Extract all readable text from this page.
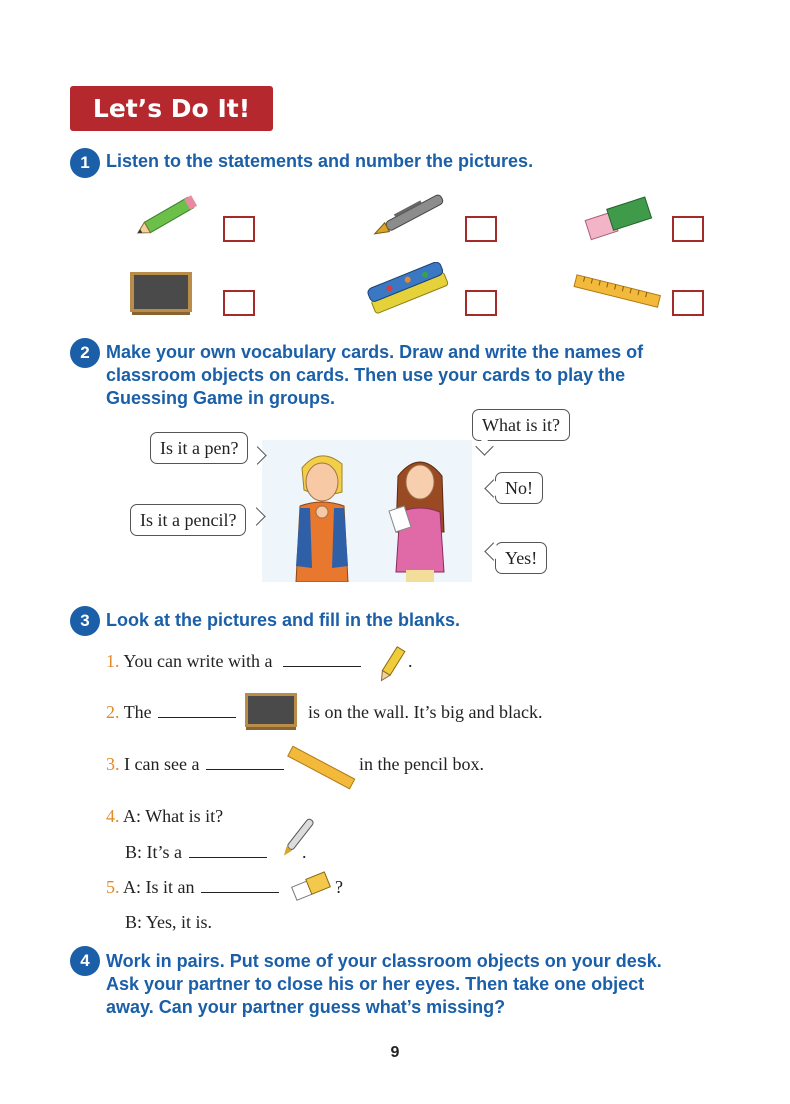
Let’s Do It!
1 Listen to the statements and number the pictures.
2 Make your own vocabulary cards. Draw and write the names of
classroom objects on cards. Then use your cards to play the
Guessing Game in groups.
Is it a pen?
Is it a pencil?
What is it?
No!
Yes!
3 Look at the pictures and fill in the blanks.
1. You can write with a	.
2. The	is on the wall. It’s big and black.
3. I can see a	in the pencil box.
4. A: What is it?
B: It’s a	.
5. A: Is it an	?
B: Yes, it is.
4 Work in pairs. Put some of your classroom objects on your desk.
Ask your partner to close his or her eyes. Then take one object
away. Can your partner guess what’s missing?
9
